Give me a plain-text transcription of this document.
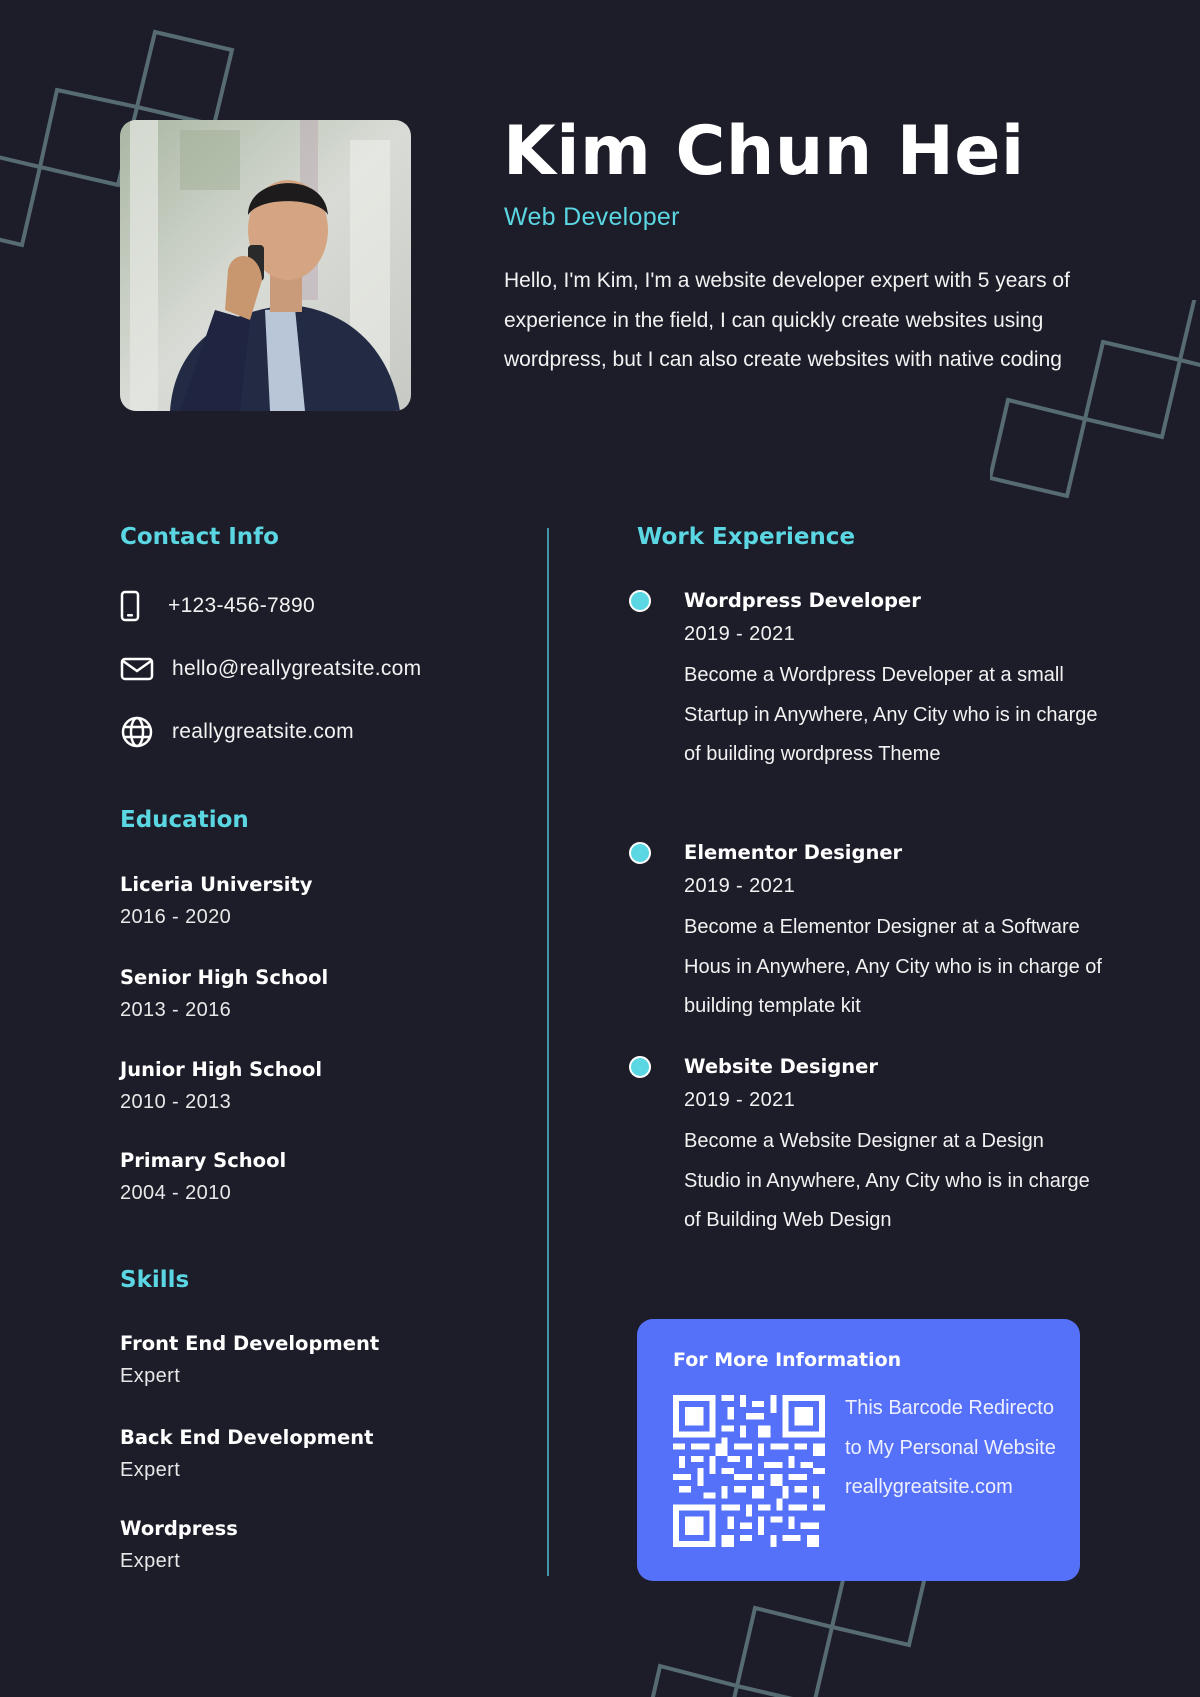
Kim Chun Hei
Web Developer
Hello, I'm Kim, I'm a website developer expert with 5 years of experience in the field, I can quickly create websites using wordpress, but I can also create websites with native coding
Contact Info
+123-456-7890
hello@reallygreatsite.com
reallygreatsite.com
Education
Liceria University
2016 - 2020
Senior High School
2013 - 2016
Junior High School
2010 - 2013
Primary School
2004 - 2010
Skills
Front End Development
Expert
Back End Development
Expert
Wordpress
Expert
Work Experience
Wordpress Developer
2019 - 2021
Become a Wordpress Developer at a small Startup in Anywhere, Any City who is in charge of building wordpress Theme
Elementor Designer
2019 - 2021
Become a Elementor Designer at a Software Hous in Anywhere, Any City who is in charge of building template kit
Website Designer
2019 - 2021
Become a Website Designer at a Design Studio in Anywhere, Any City who is in charge of Building Web Design
For More Information
This Barcode Redirecto to My Personal Website reallygreatsite.com
